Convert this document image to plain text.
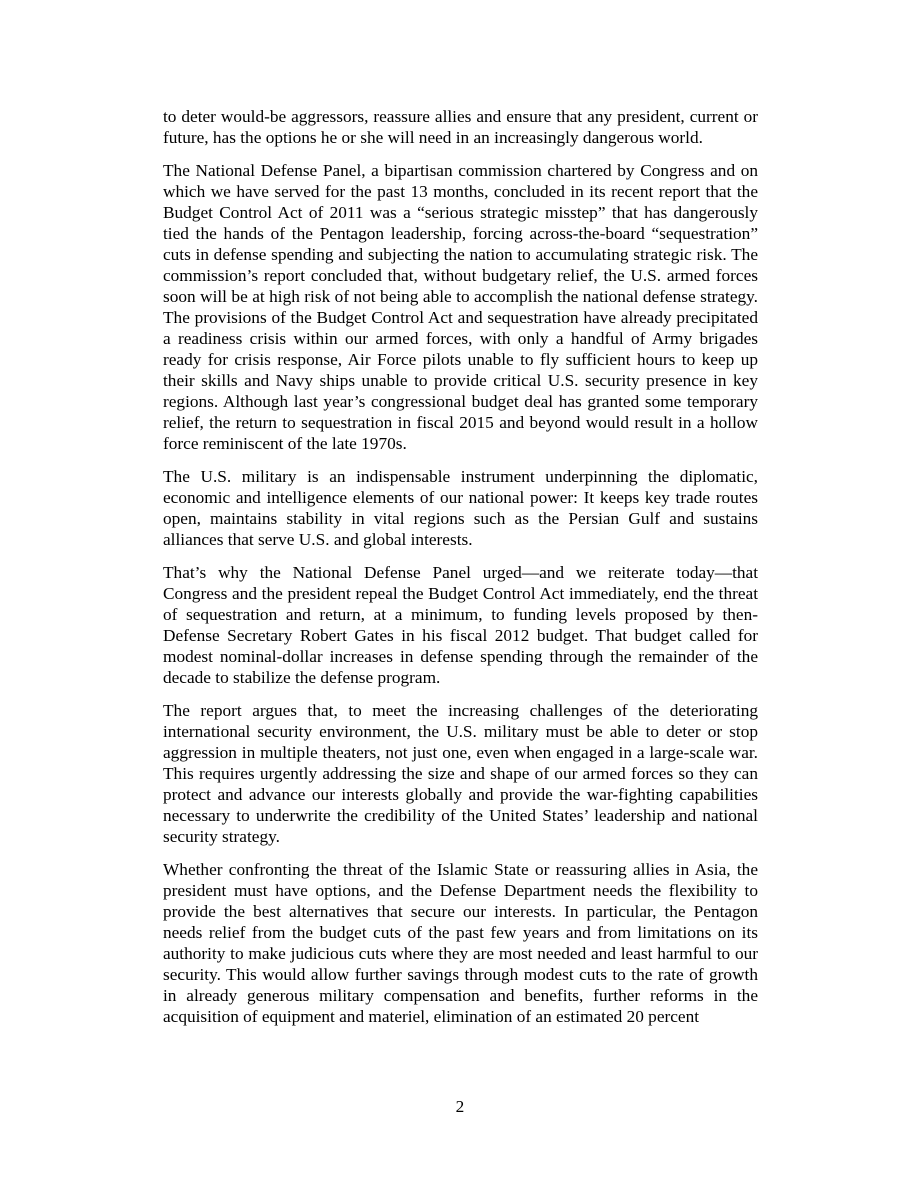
to deter would-be aggressors, reassure allies and ensure that any president, current or future, has the options he or she will need in an increasingly dangerous world.

The National Defense Panel, a bipartisan commission chartered by Congress and on which we have served for the past 13 months, concluded in its recent report that the Budget Control Act of 2011 was a “serious strategic misstep” that has dangerously tied the hands of the Pentagon leadership, forcing across-the-board “sequestration” cuts in defense spending and subjecting the nation to accumulating strategic risk. The commission’s report concluded that, without budgetary relief, the U.S. armed forces soon will be at high risk of not being able to accomplish the national defense strategy. The provisions of the Budget Control Act and sequestration have already precipitated a readiness crisis within our armed forces, with only a handful of Army brigades ready for crisis response, Air Force pilots unable to fly sufficient hours to keep up their skills and Navy ships unable to provide critical U.S. security presence in key regions. Although last year’s congressional budget deal has granted some temporary relief, the return to sequestration in fiscal 2015 and beyond would result in a hollow force reminiscent of the late 1970s.

The U.S. military is an indispensable instrument underpinning the diplomatic, economic and intelligence elements of our national power: It keeps key trade routes open, maintains stability in vital regions such as the Persian Gulf and sustains alliances that serve U.S. and global interests.

That’s why the National Defense Panel urged—and we reiterate today—that Congress and the president repeal the Budget Control Act immediately, end the threat of sequestration and return, at a minimum, to funding levels proposed by then-Defense Secretary Robert Gates in his fiscal 2012 budget. That budget called for modest nominal-dollar increases in defense spending through the remainder of the decade to stabilize the defense program.

The report argues that, to meet the increasing challenges of the deteriorating international security environment, the U.S. military must be able to deter or stop aggression in multiple theaters, not just one, even when engaged in a large-scale war. This requires urgently addressing the size and shape of our armed forces so they can protect and advance our interests globally and provide the war-fighting capabilities necessary to underwrite the credibility of the United States’ leadership and national security strategy.

Whether confronting the threat of the Islamic State or reassuring allies in Asia, the president must have options, and the Defense Department needs the flexibility to provide the best alternatives that secure our interests. In particular, the Pentagon needs relief from the budget cuts of the past few years and from limitations on its authority to make judicious cuts where they are most needed and least harmful to our security. This would allow further savings through modest cuts to the rate of growth in already generous military compensation and benefits, further reforms in the acquisition of equipment and materiel, elimination of an estimated 20 percent

2
